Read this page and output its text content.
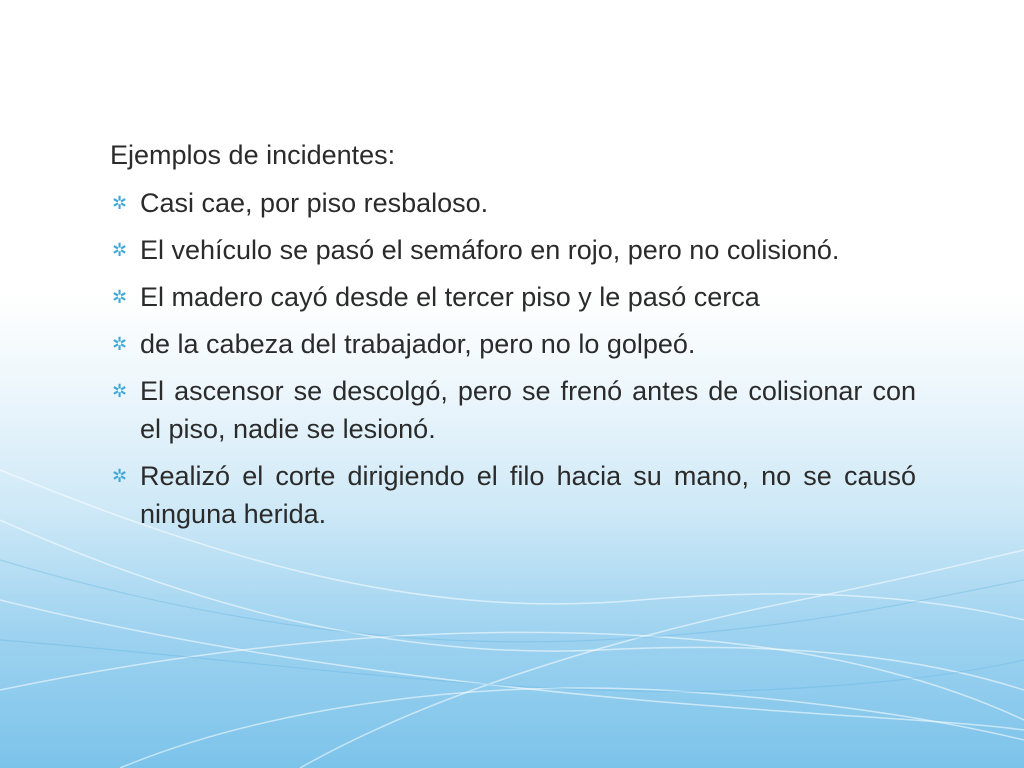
Ejemplos de incidentes:
✲ Casi cae, por piso resbaloso.
✲ El vehículo se pasó el semáforo en rojo, pero no colisionó.
✲ El madero cayó desde el tercer piso y le pasó cerca
✲ de la cabeza del trabajador, pero no lo golpeó.
✲ El ascensor se descolgó, pero se frenó antes de colisionar con el piso, nadie se lesionó.
✲ Realizó el corte dirigiendo el filo hacia su mano, no se causó ninguna herida.
